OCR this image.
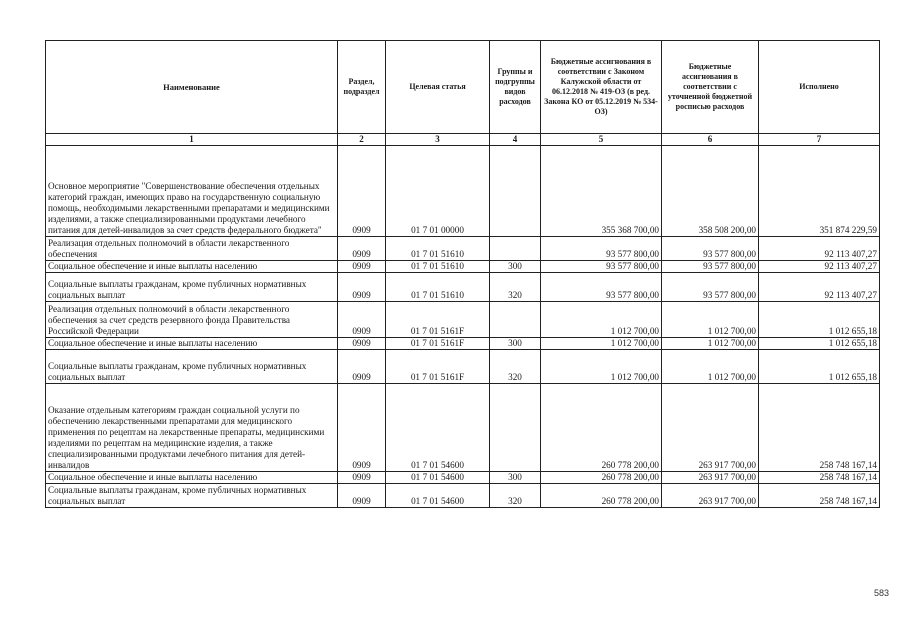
Наименование	Раздел, подраздел	Целевая статья	Группы и подгруппы видов расходов	Бюджетные ассигнования в соответствии с Законом Калужской области от 06.12.2018 № 419-ОЗ (в ред. Закона КО от 05.12.2019 № 534-ОЗ)	Бюджетные ассигнования в соответствии с уточненной бюджетной росписью расходов	Исполнено
1	2	3	4	5	6	7
Основное мероприятие "Совершенствование обеспечения отдельных категорий граждан, имеющих право на государственную социальную помощь, необходимыми лекарственными препаратами и медицинскими изделиями, а также специализированными продуктами лечебного питания для детей-инвалидов за счет средств федерального бюджета"	0909	01 7 01 00000		355 368 700,00	358 508 200,00	351 874 229,59
Реализация отдельных полномочий в области лекарственного обеспечения	0909	01 7 01 51610		93 577 800,00	93 577 800,00	92 113 407,27
Социальное обеспечение и иные выплаты населению	0909	01 7 01 51610	300	93 577 800,00	93 577 800,00	92 113 407,27
Социальные выплаты гражданам, кроме публичных нормативных социальных выплат	0909	01 7 01 51610	320	93 577 800,00	93 577 800,00	92 113 407,27
Реализация отдельных полномочий в области лекарственного обеспечения за счет средств резервного фонда Правительства Российской Федерации	0909	01 7 01 5161F		1 012 700,00	1 012 700,00	1 012 655,18
Социальное обеспечение и иные выплаты населению	0909	01 7 01 5161F	300	1 012 700,00	1 012 700,00	1 012 655,18
Социальные выплаты гражданам, кроме публичных нормативных социальных выплат	0909	01 7 01 5161F	320	1 012 700,00	1 012 700,00	1 012 655,18
Оказание отдельным категориям граждан социальной услуги по обеспечению лекарственными препаратами для медицинского применения по рецептам на лекарственные препараты, медицинскими изделиями по рецептам на медицинские изделия, а также специализированными продуктами лечебного питания для детей-инвалидов	0909	01 7 01 54600		260 778 200,00	263 917 700,00	258 748 167,14
Социальное обеспечение и иные выплаты населению	0909	01 7 01 54600	300	260 778 200,00	263 917 700,00	258 748 167,14
Социальные выплаты гражданам, кроме публичных нормативных социальных выплат	0909	01 7 01 54600	320	260 778 200,00	263 917 700,00	258 748 167,14
583
